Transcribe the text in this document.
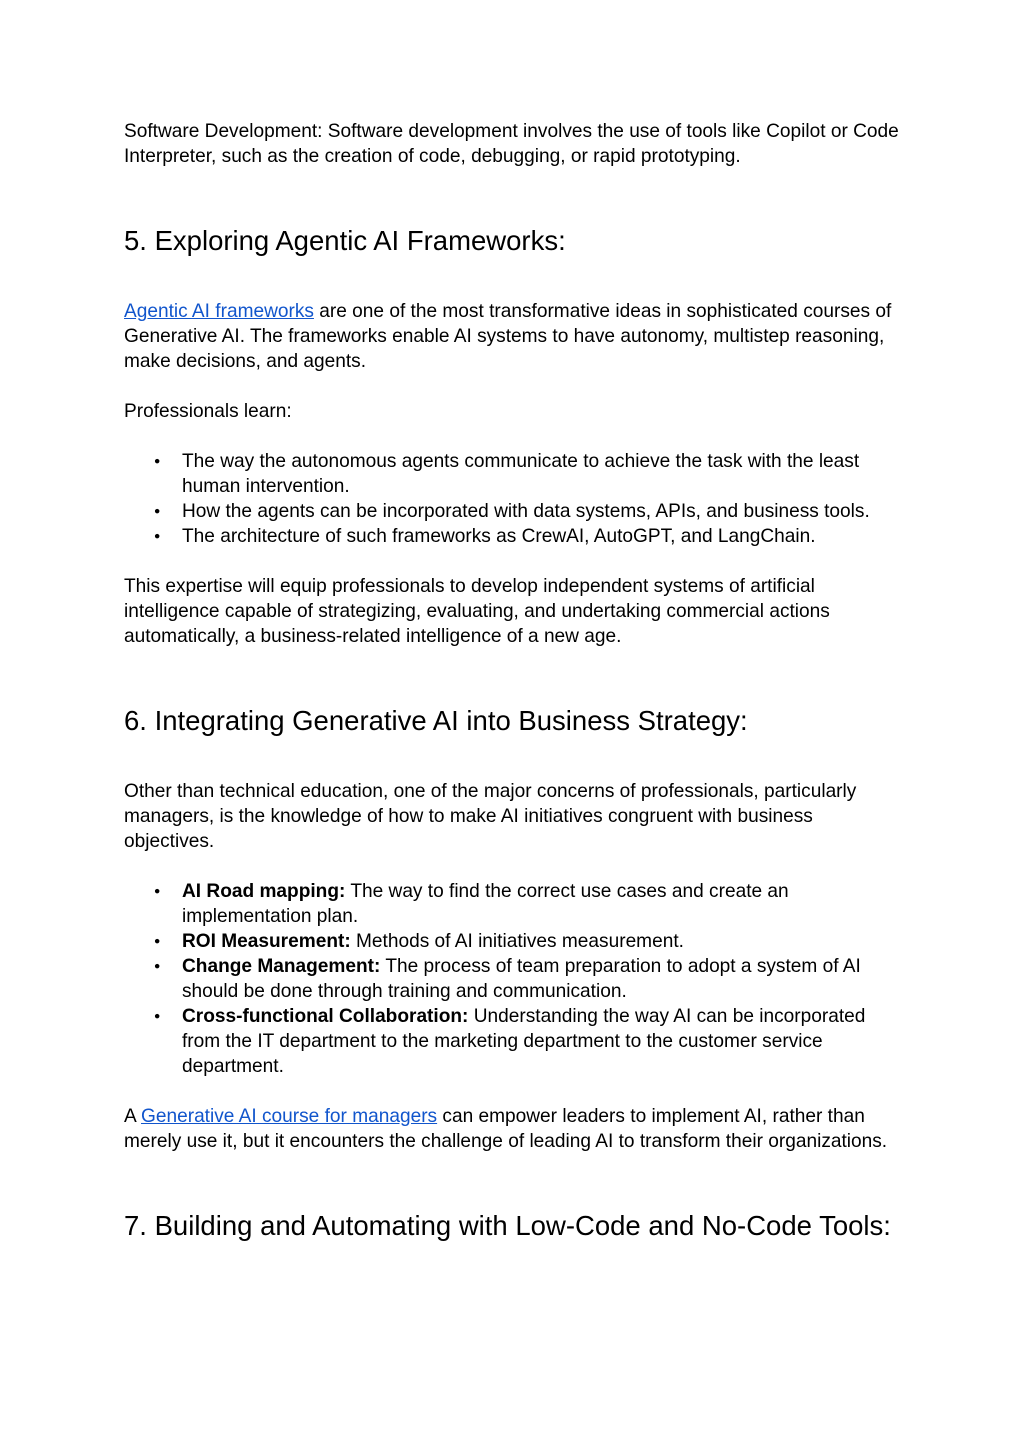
Software Development: Software development involves the use of tools like Copilot or Code Interpreter, such as the creation of code, debugging, or rapid prototyping.

5. Exploring Agentic AI Frameworks:

Agentic AI frameworks are one of the most transformative ideas in sophisticated courses of Generative AI. The frameworks enable AI systems to have autonomy, multistep reasoning, make decisions, and agents.

Professionals learn:

● The way the autonomous agents communicate to achieve the task with the least human intervention.
● How the agents can be incorporated with data systems, APIs, and business tools.
● The architecture of such frameworks as CrewAI, AutoGPT, and LangChain.

This expertise will equip professionals to develop independent systems of artificial intelligence capable of strategizing, evaluating, and undertaking commercial actions automatically, a business-related intelligence of a new age.

6. Integrating Generative AI into Business Strategy:

Other than technical education, one of the major concerns of professionals, particularly managers, is the knowledge of how to make AI initiatives congruent with business objectives.

● AI Road mapping: The way to find the correct use cases and create an implementation plan.
● ROI Measurement: Methods of AI initiatives measurement.
● Change Management: The process of team preparation to adopt a system of AI should be done through training and communication.
● Cross-functional Collaboration: Understanding the way AI can be incorporated from the IT department to the marketing department to the customer service department.

A Generative AI course for managers can empower leaders to implement AI, rather than merely use it, but it encounters the challenge of leading AI to transform their organizations.

7. Building and Automating with Low-Code and No-Code Tools:
